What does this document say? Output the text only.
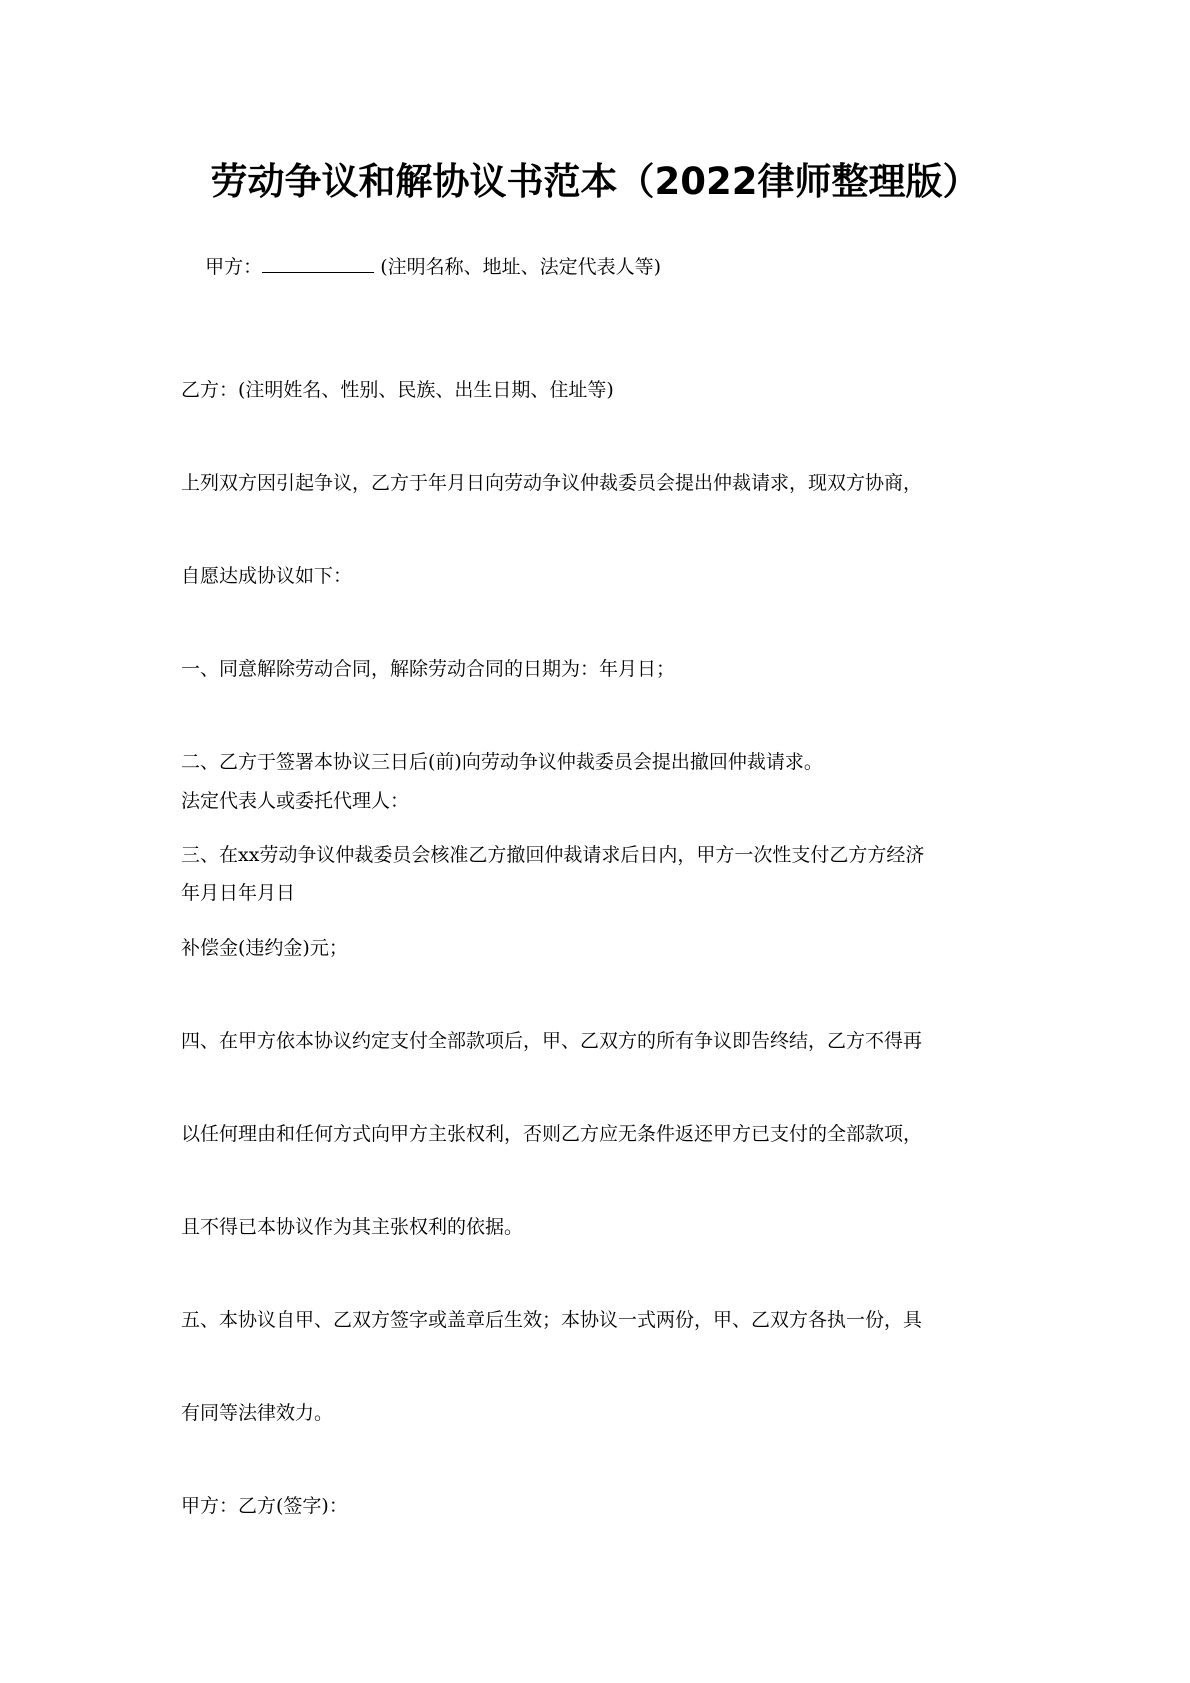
劳动争议和解协议书范本（2022律师整理版）

甲方：	(注明名称、地址、法定代表人等)

乙方：(注明姓名、性别、民族、出生日期、住址等)

上列双方因引起争议，乙方于年月日向劳动争议仲裁委员会提出仲裁请求，现双方协商，

自愿达成协议如下：

一、同意解除劳动合同，解除劳动合同的日期为：年月日；

二、乙方于签署本协议三日后(前)向劳动争议仲裁委员会提出撤回仲裁请求。

三、在xx劳动争议仲裁委员会核准乙方撤回仲裁请求后日内，甲方一次性支付乙方方经济

补偿金(违约金)元；

四、在甲方依本协议约定支付全部款项后，甲、乙双方的所有争议即告终结，乙方不得再

以任何理由和任何方式向甲方主张权利，否则乙方应无条件返还甲方已支付的全部款项，

且不得已本协议作为其主张权利的依据。

五、本协议自甲、乙双方签字或盖章后生效；本协议一式两份，甲、乙双方各执一份，具

有同等法律效力。

甲方：乙方(签字)：

法定代表人或委托代理人：
年月日年月日
